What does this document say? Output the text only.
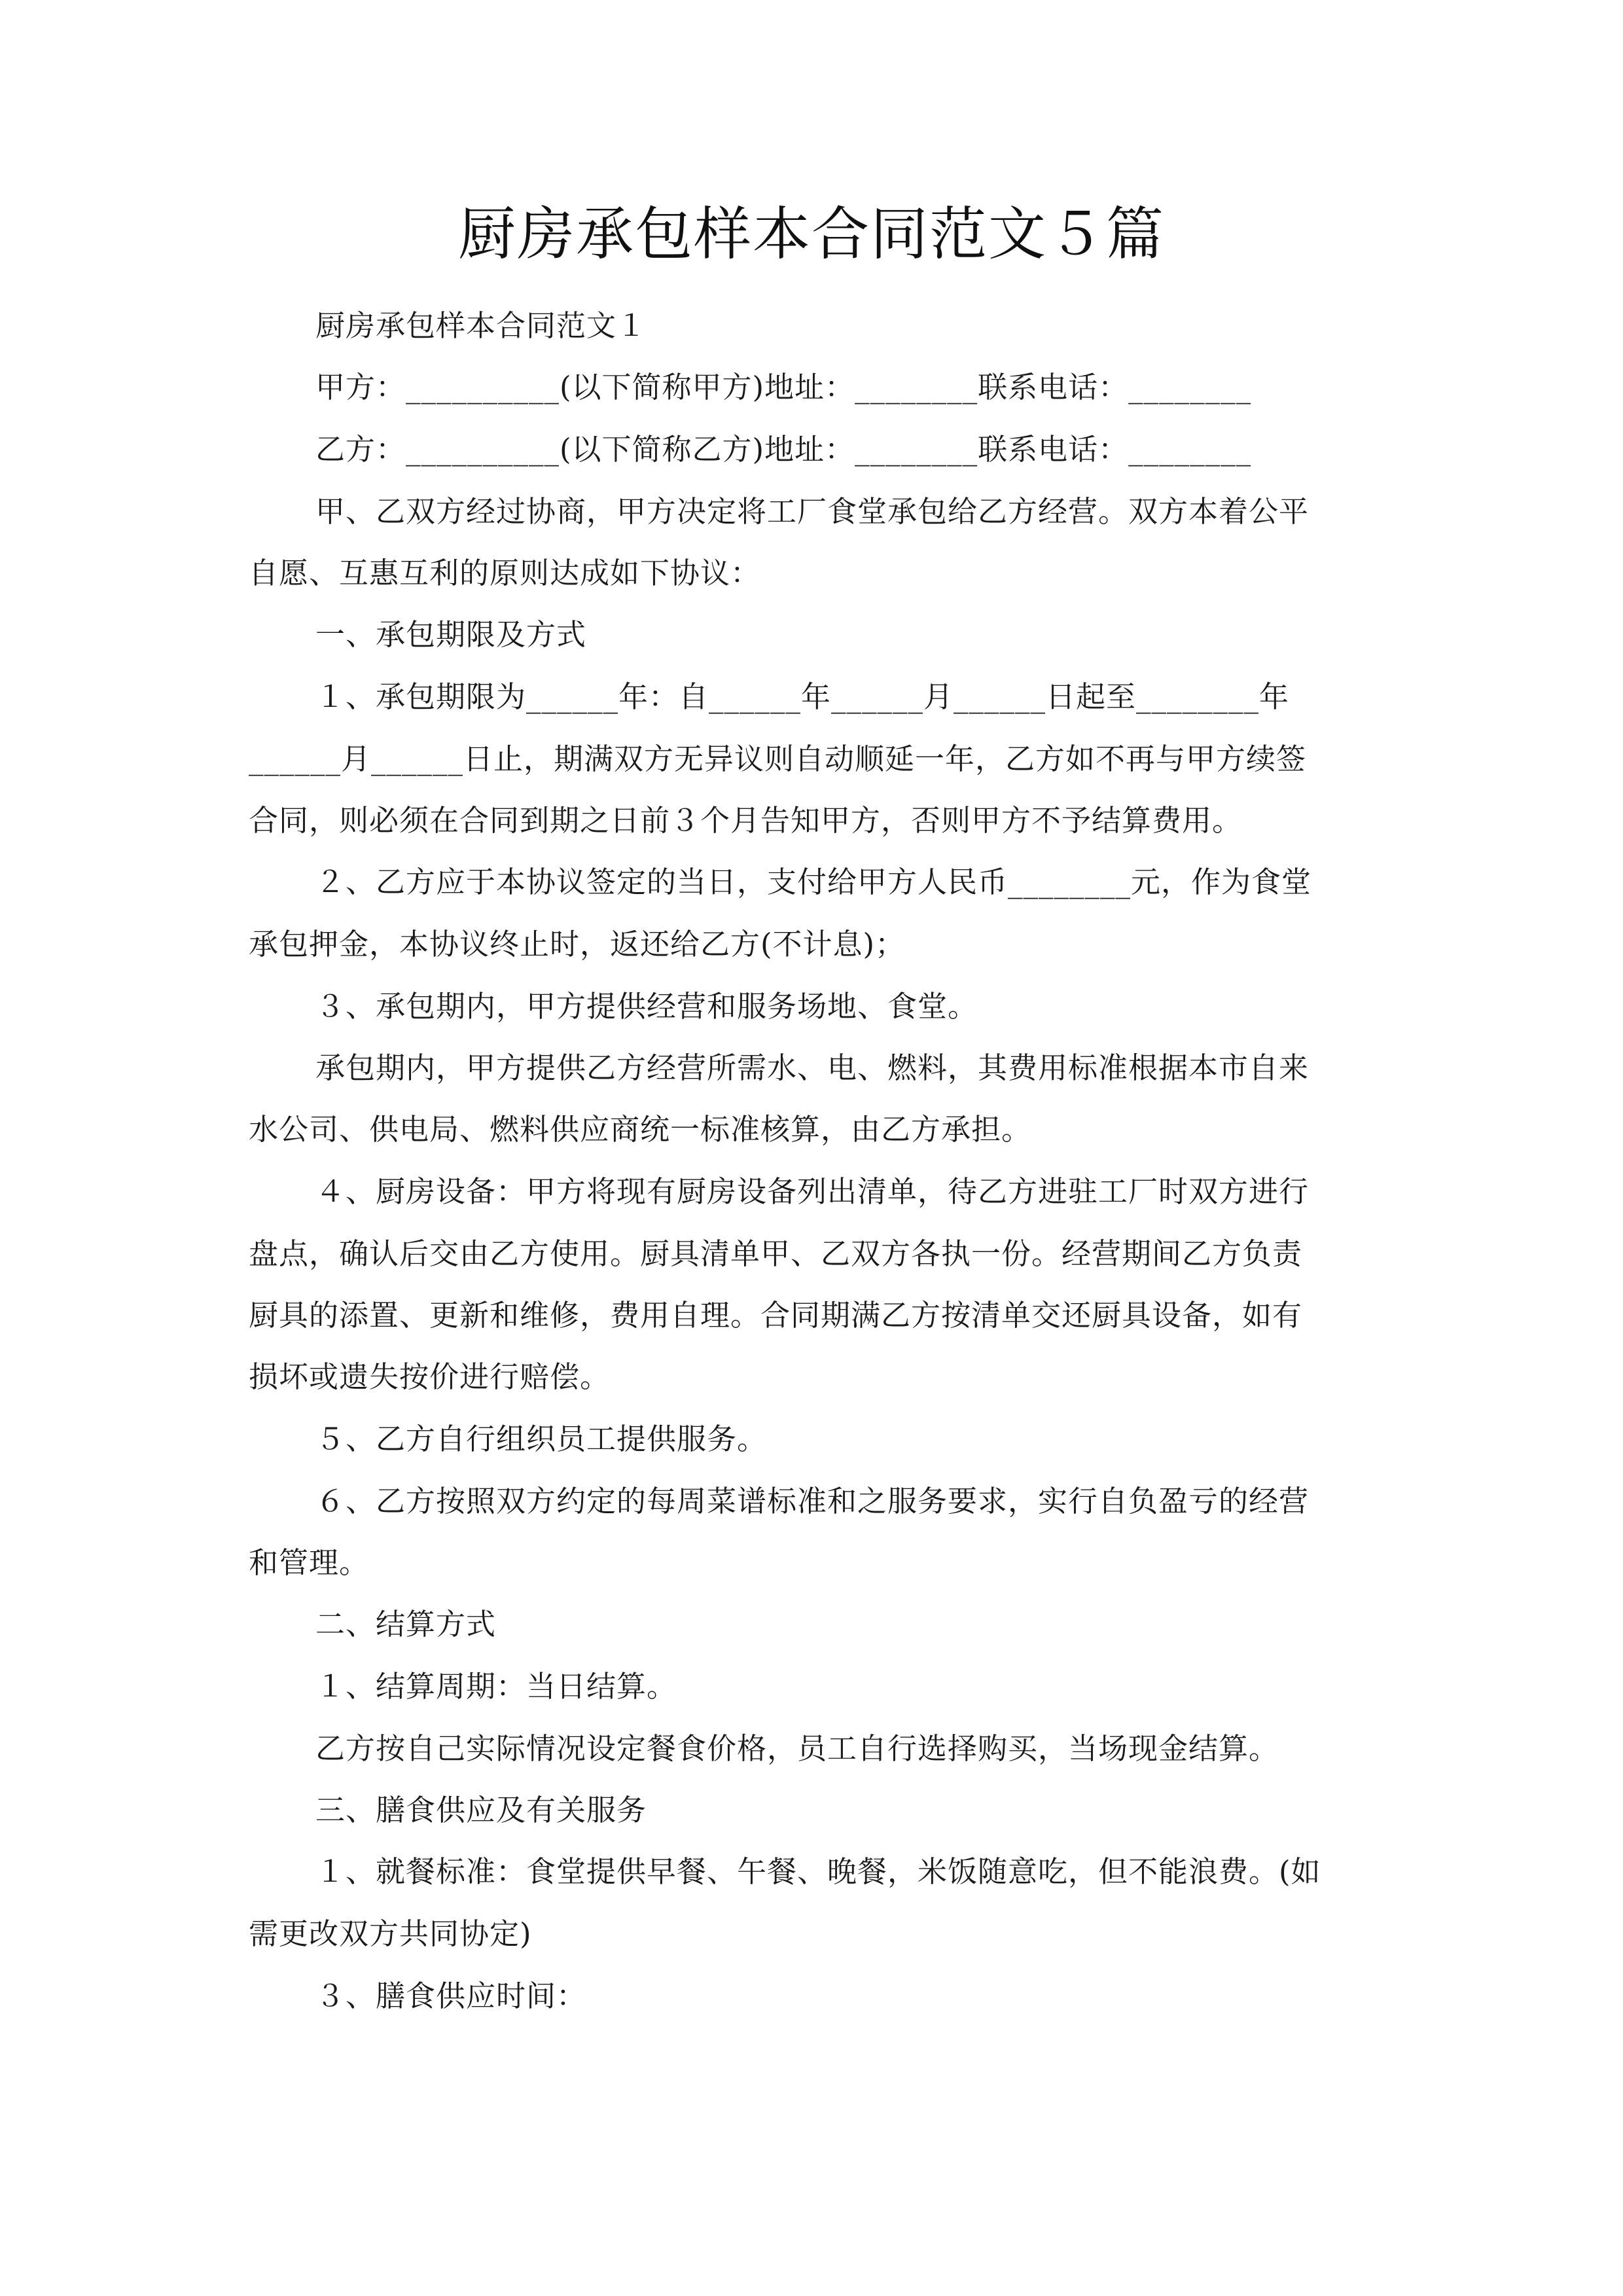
厨房承包样本合同范文５篇
厨房承包样本合同范文１
甲方：__________(以下简称甲方)地址：________联系电话：________
乙方：__________(以下简称乙方)地址：________联系电话：________
甲、乙双方经过协商，甲方决定将工厂食堂承包给乙方经营。双方本着公平
自愿、互惠互利的原则达成如下协议：
一、承包期限及方式
１、承包期限为______年：自______年______月______日起至________年
______月______日止，期满双方无异议则自动顺延一年，乙方如不再与甲方续签
合同，则必须在合同到期之日前３个月告知甲方，否则甲方不予结算费用。
２、乙方应于本协议签定的当日，支付给甲方人民币________元，作为食堂
承包押金，本协议终止时，返还给乙方(不计息)；
３、承包期内，甲方提供经营和服务场地、食堂。
承包期内，甲方提供乙方经营所需水、电、燃料，其费用标准根据本市自来
水公司、供电局、燃料供应商统一标准核算，由乙方承担。
４、厨房设备：甲方将现有厨房设备列出清单，待乙方进驻工厂时双方进行
盘点，确认后交由乙方使用。厨具清单甲、乙双方各执一份。经营期间乙方负责
厨具的添置、更新和维修，费用自理。合同期满乙方按清单交还厨具设备，如有
损坏或遗失按价进行赔偿。
５、乙方自行组织员工提供服务。
６、乙方按照双方约定的每周菜谱标准和之服务要求，实行自负盈亏的经营
和管理。
二、结算方式
１、结算周期：当日结算。
乙方按自己实际情况设定餐食价格，员工自行选择购买，当场现金结算。
三、膳食供应及有关服务
１、就餐标准：食堂提供早餐、午餐、晚餐，米饭随意吃，但不能浪费。(如
需更改双方共同协定)
３、膳食供应时间：
